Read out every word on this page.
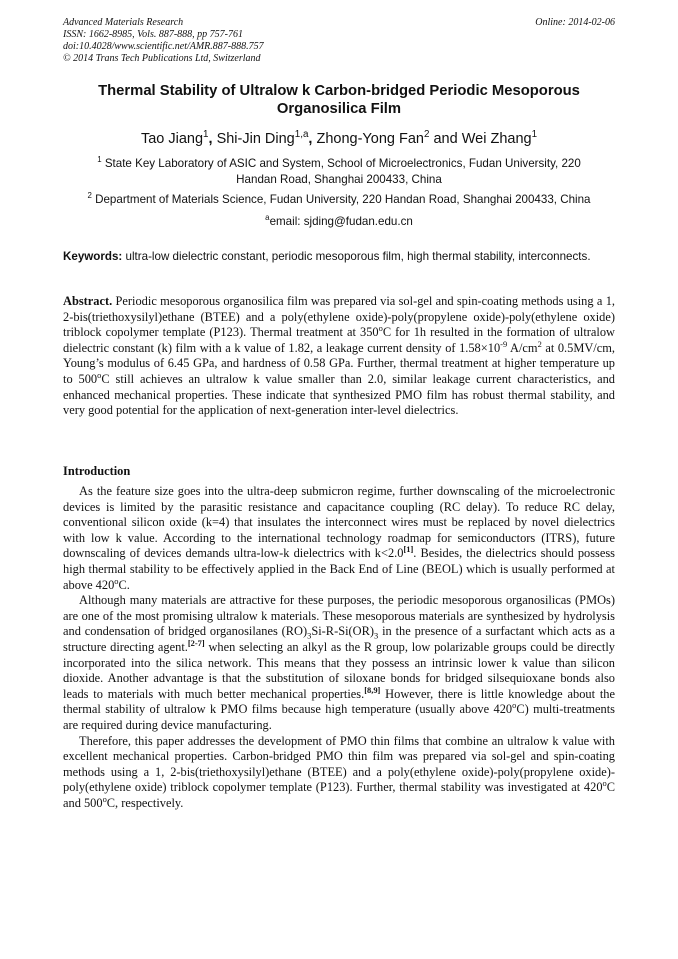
Advanced Materials Research
ISSN: 1662-8985, Vols. 887-888, pp 757-761
doi:10.4028/www.scientific.net/AMR.887-888.757
© 2014 Trans Tech Publications Ltd, Switzerland
Online: 2014-02-06
Thermal Stability of Ultralow k Carbon-bridged Periodic Mesoporous
Organosilica Film
Tao Jiang$^1$, Shi-Jin Ding$^{1,a}$, Zhong-Yong Fan$^2$ and Wei Zhang$^1$
$^1$ State Key Laboratory of ASIC and System, School of Microelectronics, Fudan University, 220
Handan Road, Shanghai 200433, China
$^2$ Department of Materials Science, Fudan University, 220 Handan Road, Shanghai 200433, China
$^a$email: sjding@fudan.edu.cn
Keywords: ultra-low dielectric constant, periodic mesoporous film, high thermal stability, interconnects.
Abstract. Periodic mesoporous organosilica film was prepared via sol-gel and spin-coating methods using a 1, 2-bis(triethoxysilyl)ethane (BTEE) and a poly(ethylene oxide)-poly(propylene oxide)-poly(ethylene oxide) triblock copolymer template (P123). Thermal treatment at 350$^o$C for 1h resulted in the formation of ultralow dielectric constant (k) film with a k value of 1.82, a leakage current density of $1.58\times 10^{-9}$ $A/cm^2$ at 0.5MV/cm, Young’s modulus of 6.45 GPa, and hardness of 0.58 GPa. Further, thermal treatment at higher temperature up to 500$^o$C still achieves an ultralow k value smaller than 2.0, similar leakage current characteristics, and enhanced mechanical properties. These indicate that synthesized PMO film has robust thermal stability, and very good potential for the application of next-generation inter-level dielectrics.
Introduction

As the feature size goes into the ultra-deep submicron regime, further downscaling of the microelectronic devices is limited by the parasitic resistance and capacitance coupling (RC delay). To reduce RC delay, conventional silicon oxide (k=4) that insulates the interconnect wires must be replaced by novel dielectrics with low k value. According to the international technology roadmap for semiconductors (ITRS), future downscaling of devices demands ultra-low-k dielectrics with k<2.0[1]. Besides, the dielectrics should possess high thermal stability to be effectively applied in the Back End of Line (BEOL) which is usually performed at above 420$^o$C.

Although many materials are attractive for these purposes, the periodic mesoporous organosilicas (PMOs) are one of the most promising ultralow k materials. These mesoporous materials are synthesized by hydrolysis and condensation of bridged organosilanes $(RO)_3Si-R-Si(OR)_3$ in the presence of a surfactant which acts as a structure directing agent.[2-7] when selecting an alkyl as the R group, low polarizable groups could be directly incorporated into the silica network. This means that they possess an intrinsic lower k value than silicon dioxide. Another advantage is that the substitution of siloxane bonds for bridged silsequioxane bonds also leads to materials with much better mechanical properties.[8,9] However, there is little knowledge about the thermal stability of ultralow k PMO films because high temperature (usually above 420$^o$C) multi-treatments are required during device manufacturing.

Therefore, this paper addresses the development of PMO thin films that combine an ultralow k value with excellent mechanical properties. Carbon-bridged PMO thin film was prepared via sol-gel and spin-coating methods using a 1, 2-bis(triethoxysilyl)ethane (BTEE) and a poly(ethylene oxide)-poly(propylene oxide)-poly(ethylene oxide) triblock copolymer template (P123). Further, thermal stability was investigated at 420$^o$C and 500$^o$C, respectively.
